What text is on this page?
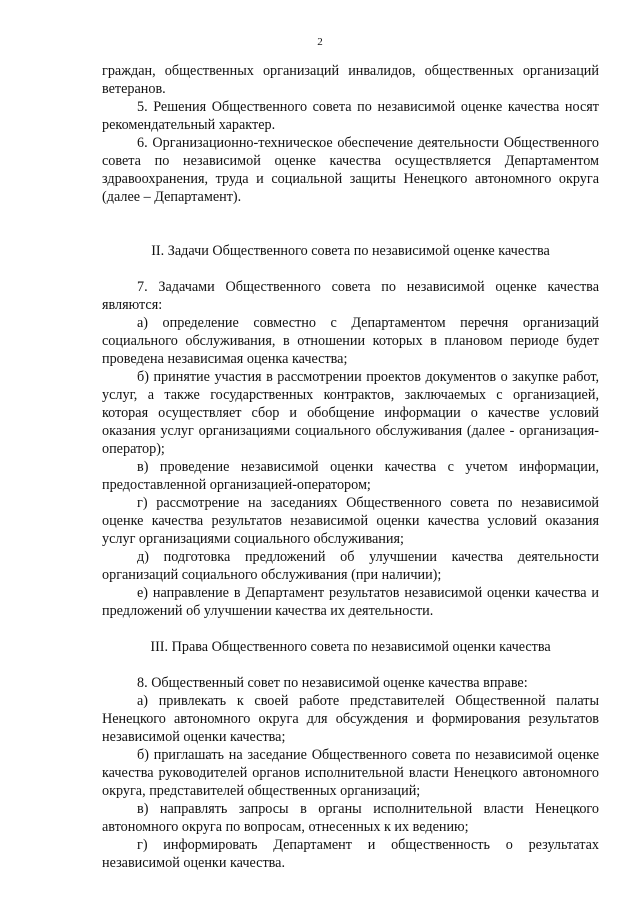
2

граждан, общественных организаций инвалидов, общественных организаций ветеранов.

5. Решения Общественного совета по независимой оценке качества носят рекомендательный характер.

6. Организационно-техническое обеспечение деятельности Общественного совета по независимой оценке качества осуществляется Департаментом здравоохранения, труда и социальной защиты Ненецкого автономного округа (далее – Департамент).

II. Задачи Общественного совета по независимой оценке качества

7. Задачами Общественного совета по независимой оценке качества являются:

а) определение совместно с Департаментом перечня организаций социального обслуживания, в отношении которых в плановом периоде будет проведена независимая оценка качества;

б) принятие участия в рассмотрении проектов документов о закупке работ, услуг, а также государственных контрактов, заключаемых с организацией, которая осуществляет сбор и обобщение информации о качестве условий оказания услуг организациями социального обслуживания (далее - организация-оператор);

в) проведение независимой оценки качества с учетом информации, предоставленной организацией-оператором;

г) рассмотрение на заседаниях Общественного совета по независимой оценке качества результатов независимой оценки качества условий оказания услуг организациями социального обслуживания;

д) подготовка предложений об улучшении качества деятельности организаций социального обслуживания (при наличии);

е) направление в Департамент результатов независимой оценки качества и предложений об улучшении качества их деятельности.

III. Права Общественного совета по независимой оценки качества

8. Общественный совет по независимой оценке качества вправе:

а) привлекать к своей работе представителей Общественной палаты Ненецкого автономного округа для обсуждения и формирования результатов независимой оценки качества;

б) приглашать на заседание Общественного совета по независимой оценке качества руководителей органов исполнительной власти Ненецкого автономного округа, представителей общественных организаций;

в) направлять запросы в органы исполнительной власти Ненецкого автономного округа по вопросам, отнесенных к их ведению;

г) информировать Департамент и общественность о результатах независимой оценки качества.
